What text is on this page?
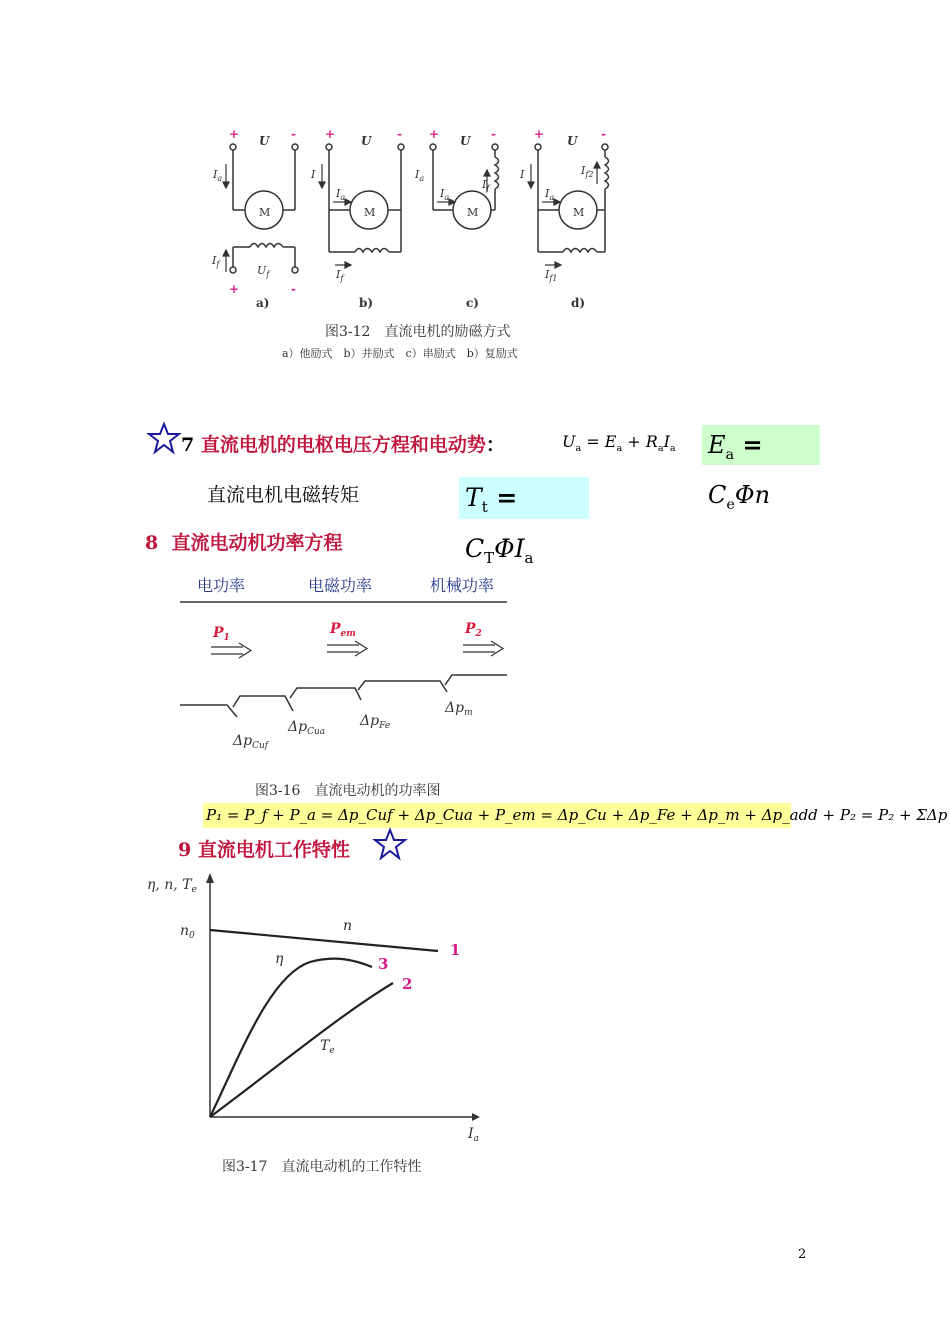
+	-
U	+	-
U	+	-
U	+	-
U
+	-
M	M	M	M
$I_a$
$I_f$	$U_f$
I
$I_a$
$I_f$
$I_a$
$I_a$
$I_f$
I
$I_a$
$I_{f2}$
$I_{f1}$
a)	b)	c)	d)
图3-12　直流电机的励磁方式
a）他励式　b）并励式　c）串励式　b）复励式
7 直流电机的电枢电压方程和电动势：	$U_a = E_a + R_aI_a$ $E_a = C_e\Phi n$
直流电机电磁转矩	$T_t = C_T\Phi I_a$
8 直流电动机功率方程
电功率	电磁功率	机械功率
$P_1$
$P_{em}$	$P_2$
$\Delta p_{Cuf}$
$\Delta p_{Cua}$
$\Delta p_{Fe}$
$\Delta p_m$
图3-16　直流电动机的功率图
P₁ = P_f + P_a = Δp_Cuf + Δp_Cua + P_em = Δp_Cu + Δp_Fe + Δp_m + Δp_add + P₂ = P₂ + ΣΔp
9 直流电机工作特性
η, n, $T_e$
$n_0$
n
η
$T_e$
$I_a$
1
2
3
图3-17　直流电动机的工作特性
2
